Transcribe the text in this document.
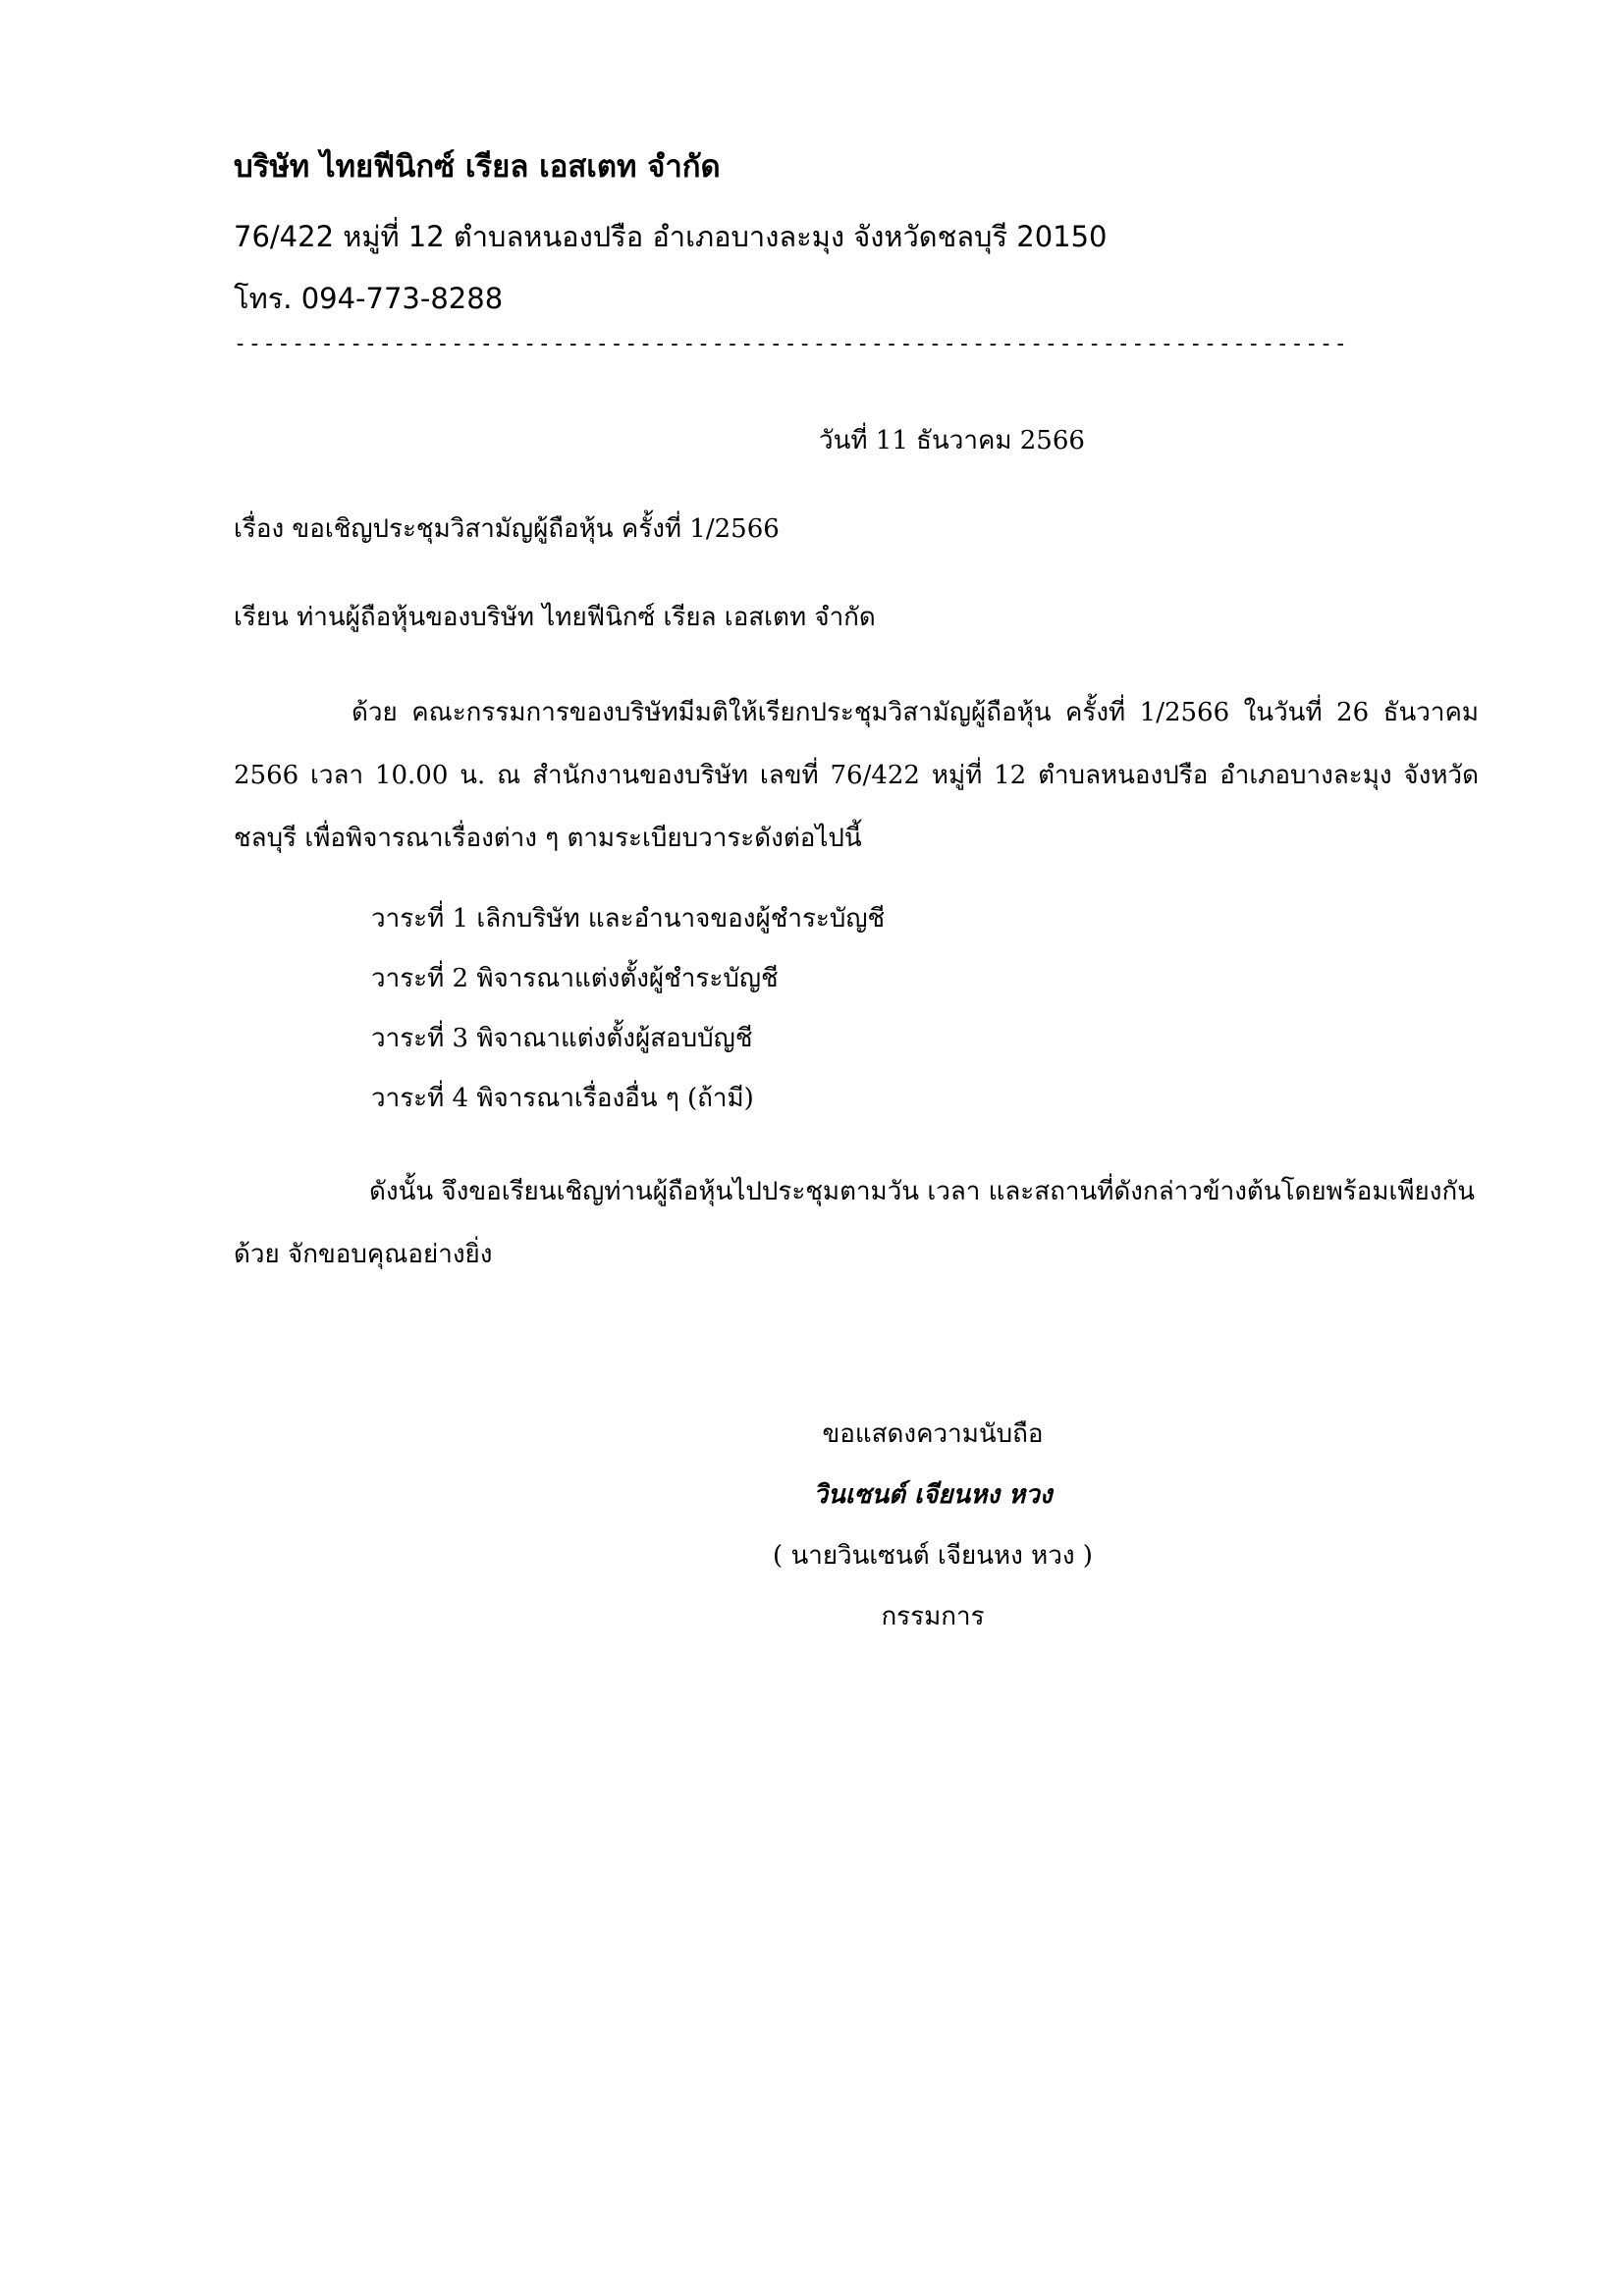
บริษัท ไทยฟีนิกซ์ เรียล เอสเตท จำกัด
76/422 หมู่ที่ 12 ตำบลหนองปรือ อำเภอบางละมุง จังหวัดชลบุรี 20150
โทร. 094-773-8288
-----------------------------------------------------------------------------
วันที่ 11 ธันวาคม 2566
เรื่อง ขอเชิญประชุมวิสามัญผู้ถือหุ้น ครั้งที่ 1/2566
เรียน ท่านผู้ถือหุ้นของบริษัท ไทยฟีนิกซ์ เรียล เอสเตท จำกัด
ด้วย คณะกรรมการของบริษัทมีมติให้เรียกประชุมวิสามัญผู้ถือหุ้น ครั้งที่ 1/2566 ในวันที่ 26 ธันวาคม 2566 เวลา 10.00 น. ณ สำนักงานของบริษัท เลขที่ 76/422 หมู่ที่ 12 ตำบลหนองปรือ อำเภอบางละมุง จังหวัดชลบุรี เพื่อพิจารณาเรื่องต่าง ๆ ตามระเบียบวาระดังต่อไปนี้
วาระที่ 1 เลิกบริษัท และอำนาจของผู้ชำระบัญชี
วาระที่ 2 พิจารณาแต่งตั้งผู้ชำระบัญชี
วาระที่ 3 พิจาณาแต่งตั้งผู้สอบบัญชี
วาระที่ 4 พิจารณาเรื่องอื่น ๆ (ถ้ามี)
ดังนั้น จึงขอเรียนเชิญท่านผู้ถือหุ้นไปประชุมตามวัน เวลา และสถานที่ดังกล่าวข้างต้นโดยพร้อมเพียงกันด้วย จักขอบคุณอย่างยิ่ง
ขอแสดงความนับถือ
วินเซนต์ เจียนหง หวง
( นายวินเซนต์ เจียนหง หวง )
กรรมการ
